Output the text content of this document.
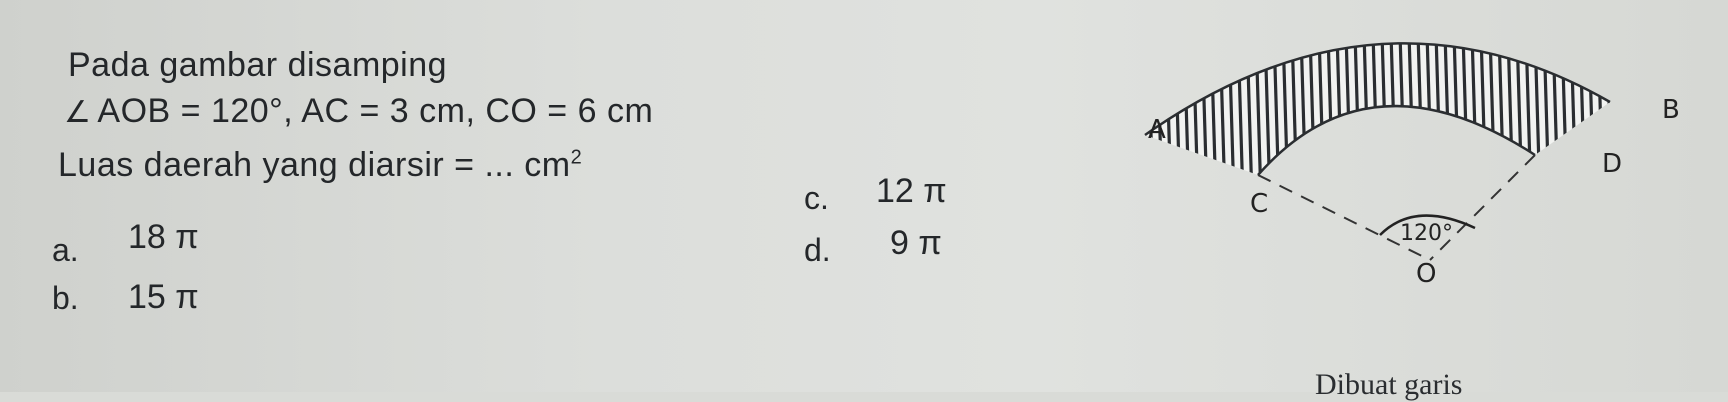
Pada gambar disamping
∠ AOB = 120°, AC = 3 cm, CO = 6 cm
Luas daerah yang diarsir = ... $cm^2$
a. 18 π
b. 15 π
c. 12 π
d. 9 π
A
B
C
D
O
120°
Dibuat garis
